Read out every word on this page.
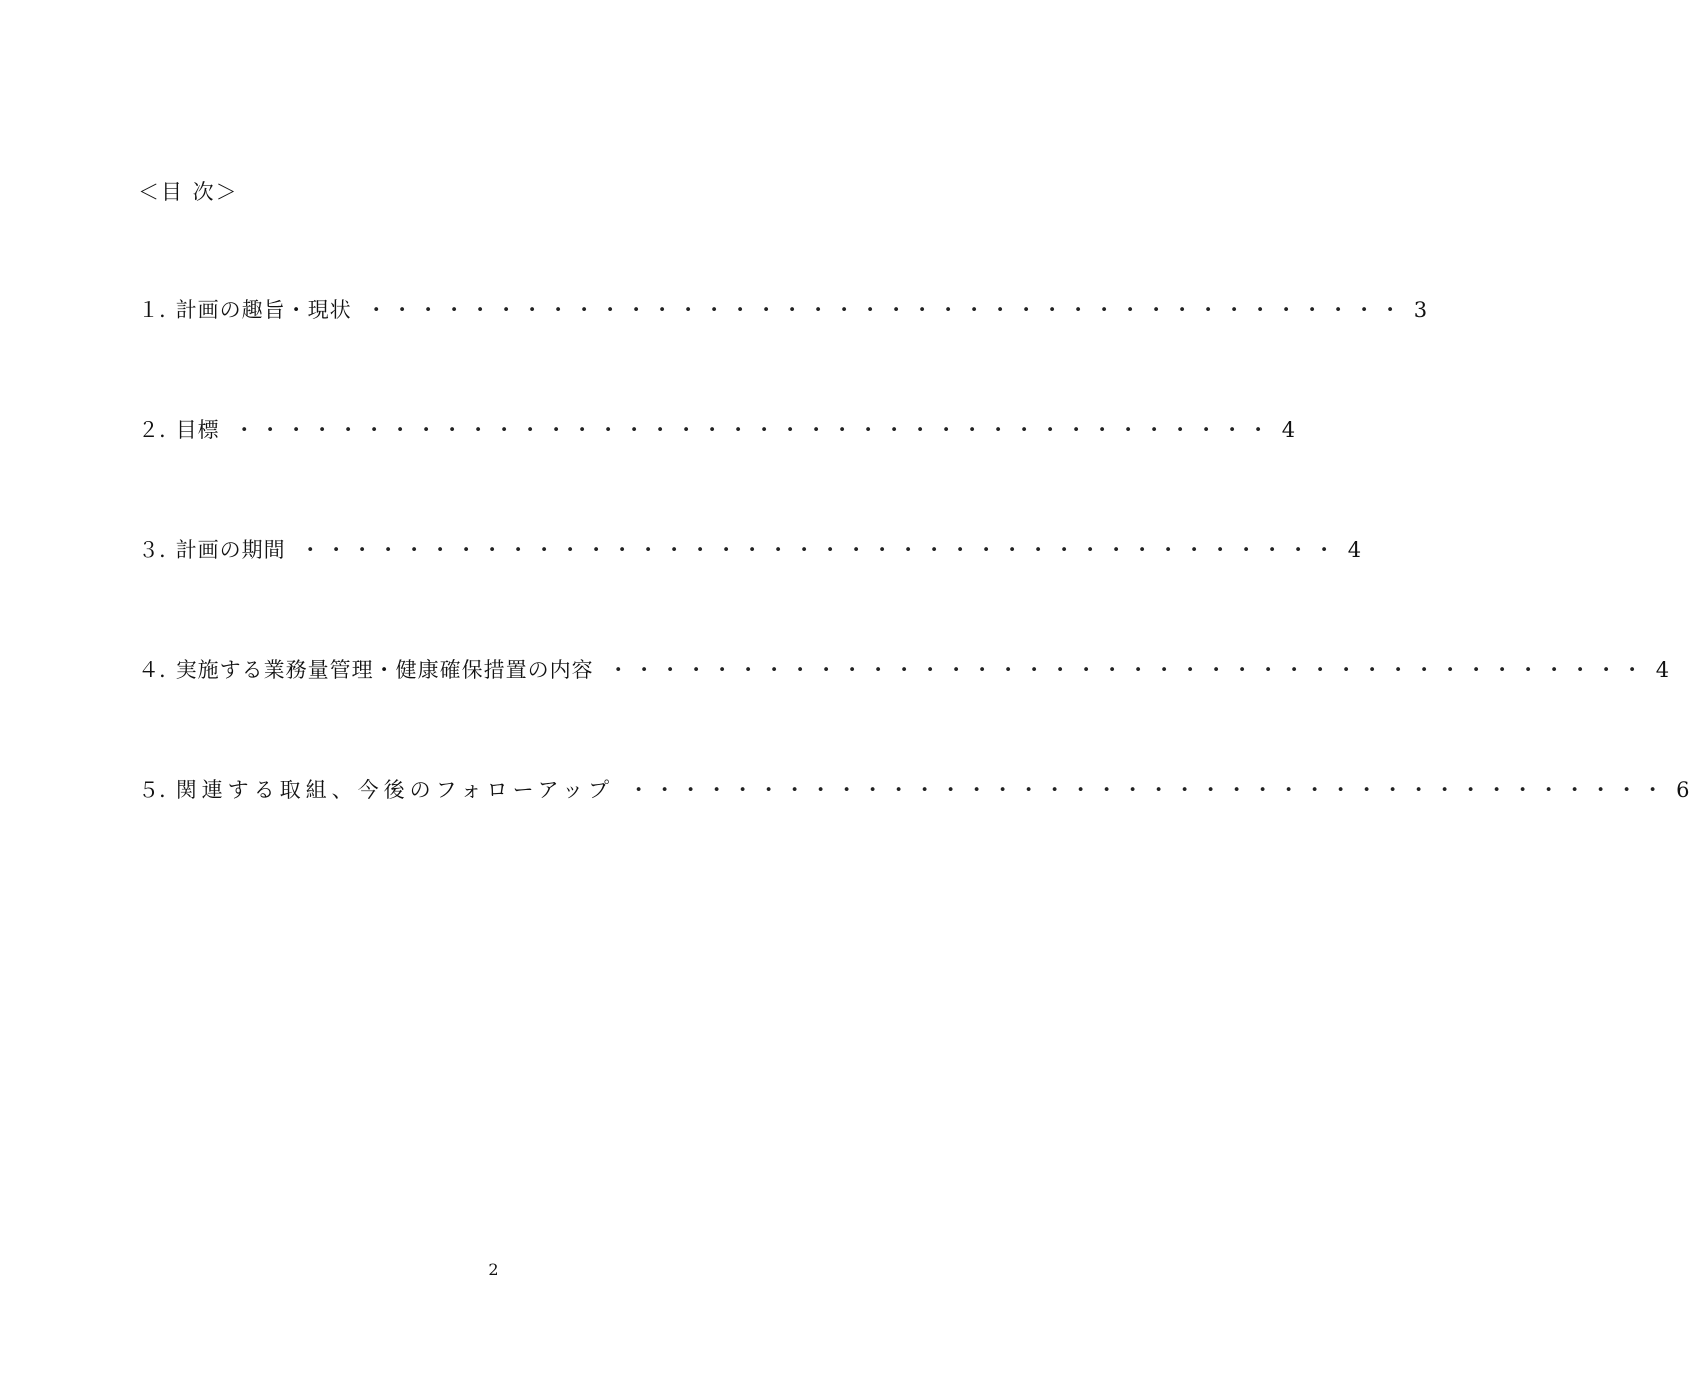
＜目 次＞
１. 計画の趣旨・現状 ・・・・・・・・・・・・・・・・・・・・・・・・・・・・・・・・・・・・・・・・ 3
２. 目標 ・・・・・・・・・・・・・・・・・・・・・・・・・・・・・・・・・・・・・・・・ 4
３. 計画の期間 ・・・・・・・・・・・・・・・・・・・・・・・・・・・・・・・・・・・・・・・・ 4
４. 実施する業務量管理・健康確保措置の内容 ・・・・・・・・・・・・・・・・・・・・・・・・・・・・・・・・・・・・・・・・ 4
５. 関連する取組、今後のフォローアップ ・・・・・・・・・・・・・・・・・・・・・・・・・・・・・・・・・・・・・・・・ 6
2
